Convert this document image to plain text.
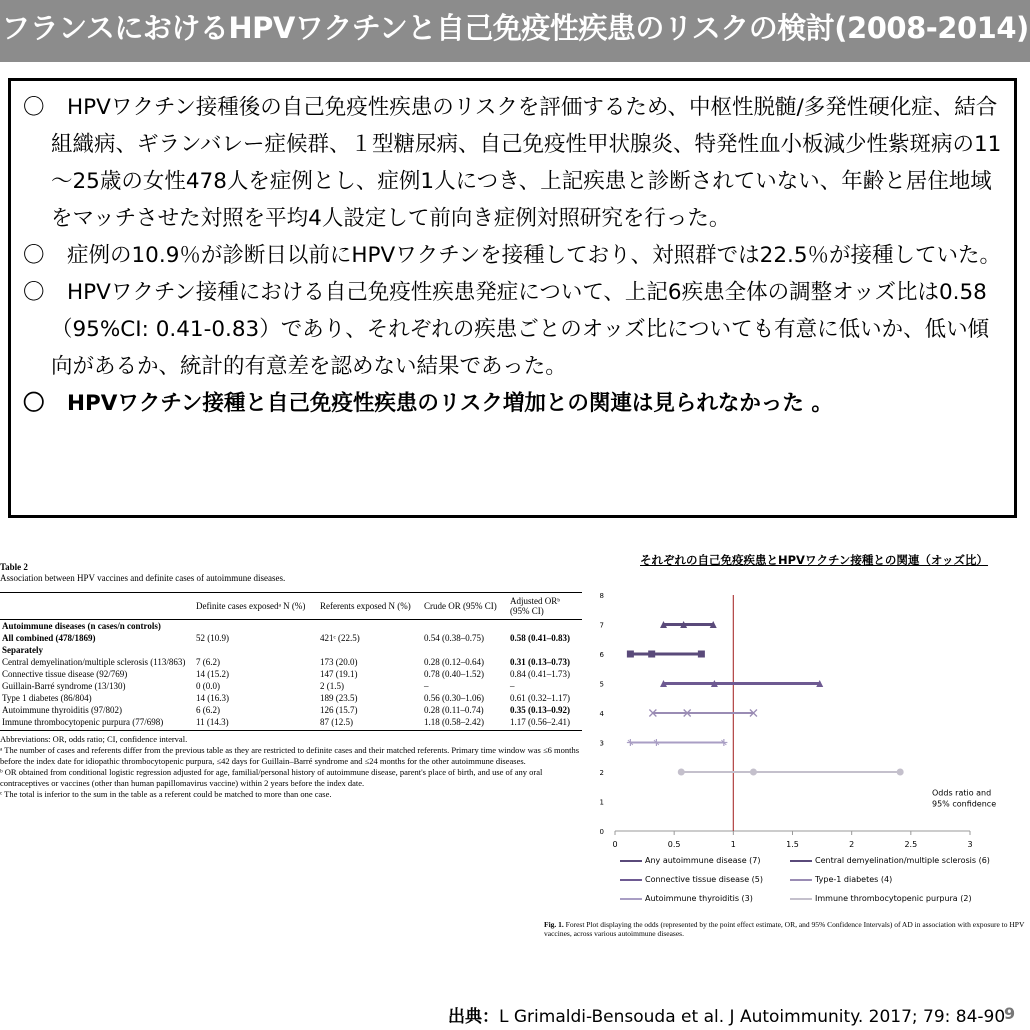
フランスにおけるHPVワクチンと自己免疫性疾患のリスクの検討(2008-2014)

〇 HPVワクチン接種後の自己免疫性疾患のリスクを評価するため、中枢性脱髄/多発性硬化症、結合組織病、ギランバレー症候群、１型糖尿病、自己免疫性甲状腺炎、特発性血小板減少性紫斑病の11～25歳の女性478人を症例とし、症例1人につき、上記疾患と診断されていない、年齢と居住地域をマッチさせた対照を平均4人設定して前向き症例対照研究を行った。

〇 症例の10.9％が診断日以前にHPVワクチンを接種しており、対照群では22.5％が接種していた。

〇 HPVワクチン接種における自己免疫性疾患発症について、上記6疾患全体の調整オッズ比は0.58（95%CI: 0.41-0.83）であり、それぞれの疾患ごとのオッズ比についても有意に低いか、低い傾向があるか、統計的有意差を認めない結果であった。

〇 HPVワクチン接種と自己免疫性疾患のリスク増加との関連は見られなかった 。

Table 2
Association between HPV vaccines and definite cases of autoimmune diseases.
	Definite cases exposedᵃ N (%)	Referents exposed N (%)	Crude OR (95% CI)	Adjusted ORᵇ (95% CI)
Autoimmune diseases (n cases/n controls)				
All combined (478/1869)	52 (10.9)	421ᶜ (22.5)	0.54 (0.38–0.75)	0.58 (0.41–0.83)
Separately				
Central demyelination/multiple sclerosis (113/863)	7 (6.2)	173 (20.0)	0.28 (0.12–0.64)	0.31 (0.13–0.73)
Connective tissue disease (92/769)	14 (15.2)	147 (19.1)	0.78 (0.40–1.52)	0.84 (0.41–1.73)
Guillain-Barré syndrome (13/130)	0 (0.0)	2 (1.5)	–	–
Type 1 diabetes (86/804)	14 (16.3)	189 (23.5)	0.56 (0.30–1.06)	0.61 (0.32–1.17)
Autoimmune thyroiditis (97/802)	6 (6.2)	126 (15.7)	0.28 (0.11–0.74)	0.35 (0.13–0.92)
Immune thrombocytopenic purpura (77/698)	11 (14.3)	87 (12.5)	1.18 (0.58–2.42)	1.17 (0.56–2.41)
Abbreviations: OR, odds ratio; CI, confidence interval.
ᵃ The number of cases and referents differ from the previous table as they are restricted to definite cases and their matched referents. Primary time window was ≤6 months before the index date for idiopathic thrombocytopenic purpura, ≤42 days for Guillain–Barré syndrome and ≤24 months for the other autoimmune diseases.
ᵇ OR obtained from conditional logistic regression adjusted for age, familial/personal history of autoimmune disease, parent's place of birth, and use of any oral contraceptives or vaccines (other than human papillomavirus vaccine) within 2 years before the index date.
ᶜ The total is inferior to the sum in the table as a referent could be matched to more than one case.
それぞれの自己免疫疾患とHPVワクチン接種との関連（オッズ比）
0	0.5	1	1.5	2	2.5	3
0
1
2
3
4
5
6
7
8
Odds ratio and 95% confidence
Any autoimmune disease (7)	Central demyelination/multiple sclerosis (6)
Connective tissue disease (5)	Type-1 diabetes (4)
Autoimmune thyroiditis (3)	Immune thrombocytopenic purpura (2)
Fig. 1. Forest Plot displaying the odds (represented by the point effect estimate, OR, and 95% Confidence Intervals) of AD in association with exposure to HPV vaccines, across various autoimmune diseases.
出典：L Grimaldi-Bensouda et al. J Autoimmunity. 2017; 79: 84-90
9
